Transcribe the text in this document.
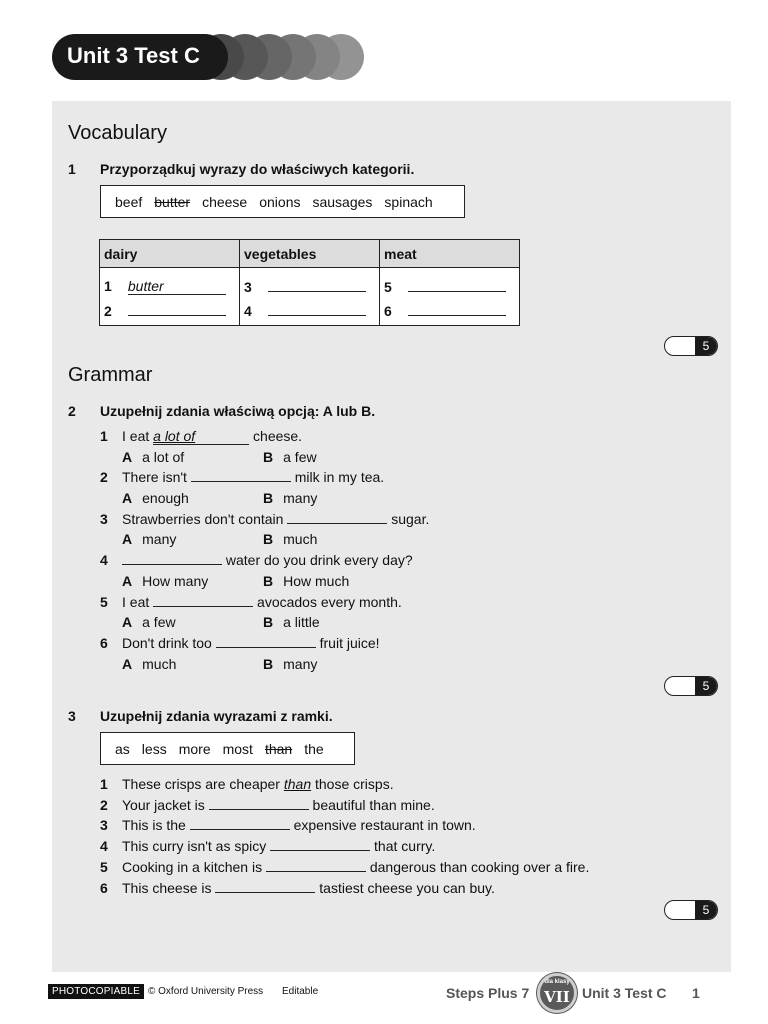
Unit 3 Test C
Vocabulary
1 Przyporządkuj wyrazy do właściwych kategorii.
beef butter cheese onions sausages spinach
dairy	vegetables	meat
1 butter	3	5
2	4	6
5
Grammar
2 Uzupełnij zdania właściwą opcją: A lub B.
1 I eat a lot of	cheese.
A a lot of	B a few
2 There isn't	milk in my tea.
A enough	B many
3 Strawberries don't contain	sugar.
A many	B much
4	water do you drink every day?
A How many	B How much
5 I eat	avocados every month.
A a few	B a little
6 Don't drink too	fruit juice!
A much	B many
5
3 Uzupełnij zdania wyrazami z ramki.
as less more most than the
1 These crisps are cheaper than those crisps.
2 Your jacket is	beautiful than mine.
3 This is the	expensive restaurant in town.
4 This curry isn't as spicy	that curry.
5 Cooking in a kitchen is	dangerous than cooking over a fire.
6 This cheese is	tastiest cheese you can buy.
5
PHOTOCOPIABLE © Oxford University Press Editable	Steps Plus 7
dla klasy
VII Unit 3 Test C 1
